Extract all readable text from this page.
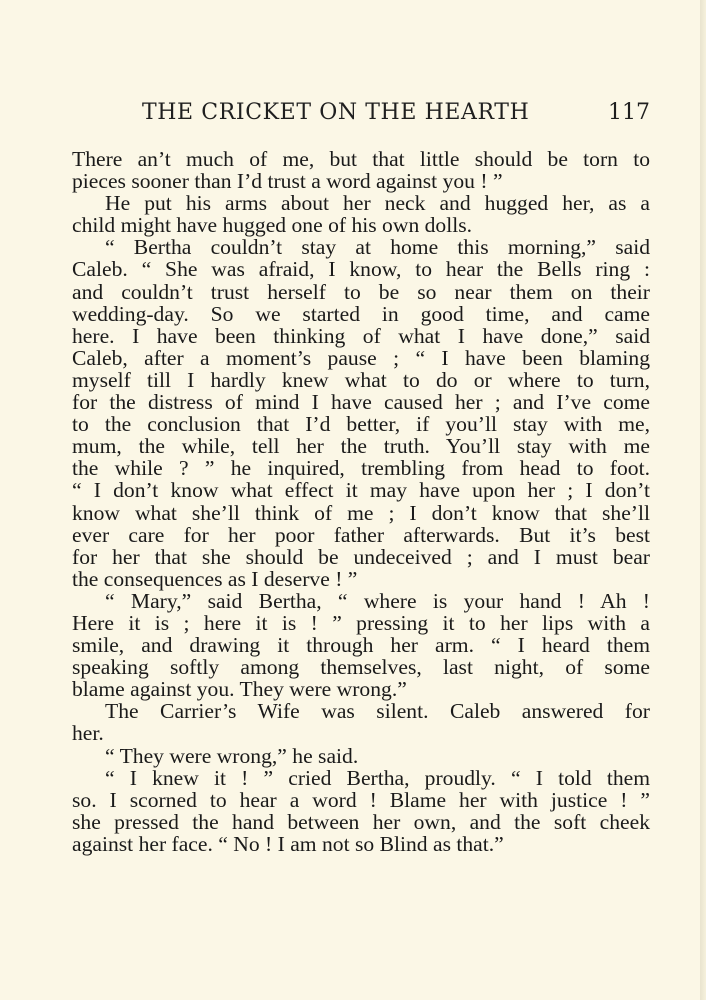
THE CRICKET ON THE HEARTH	117
There an’t much of me, but that little should be torn to
pieces sooner than I’d trust a word against you ! ”
He put his arms about her neck and hugged her, as a
child might have hugged one of his own dolls.
“ Bertha couldn’t stay at home this morning,” said
Caleb. “ She was afraid, I know, to hear the Bells ring :
and couldn’t trust herself to be so near them on their
wedding-day. So we started in good time, and came
here. I have been thinking of what I have done,” said
Caleb, after a moment’s pause ; “ I have been blaming
myself till I hardly knew what to do or where to turn,
for the distress of mind I have caused her ; and I’ve come
to the conclusion that I’d better, if you’ll stay with me,
mum, the while, tell her the truth. You’ll stay with me
the while ? ” he inquired, trembling from head to foot.
“ I don’t know what effect it may have upon her ; I don’t
know what she’ll think of me ; I don’t know that she’ll
ever care for her poor father afterwards. But it’s best
for her that she should be undeceived ; and I must bear
the consequences as I deserve ! ”
“ Mary,” said Bertha, “ where is your hand ! Ah !
Here it is ; here it is ! ” pressing it to her lips with a
smile, and drawing it through her arm. “ I heard them
speaking softly among themselves, last night, of some
blame against you. They were wrong.”
The Carrier’s Wife was silent. Caleb answered for
her.
“ They were wrong,” he said.
“ I knew it ! ” cried Bertha, proudly. “ I told them
so. I scorned to hear a word ! Blame her with justice ! ”
she pressed the hand between her own, and the soft cheek
against her face. “ No ! I am not so Blind as that.”
